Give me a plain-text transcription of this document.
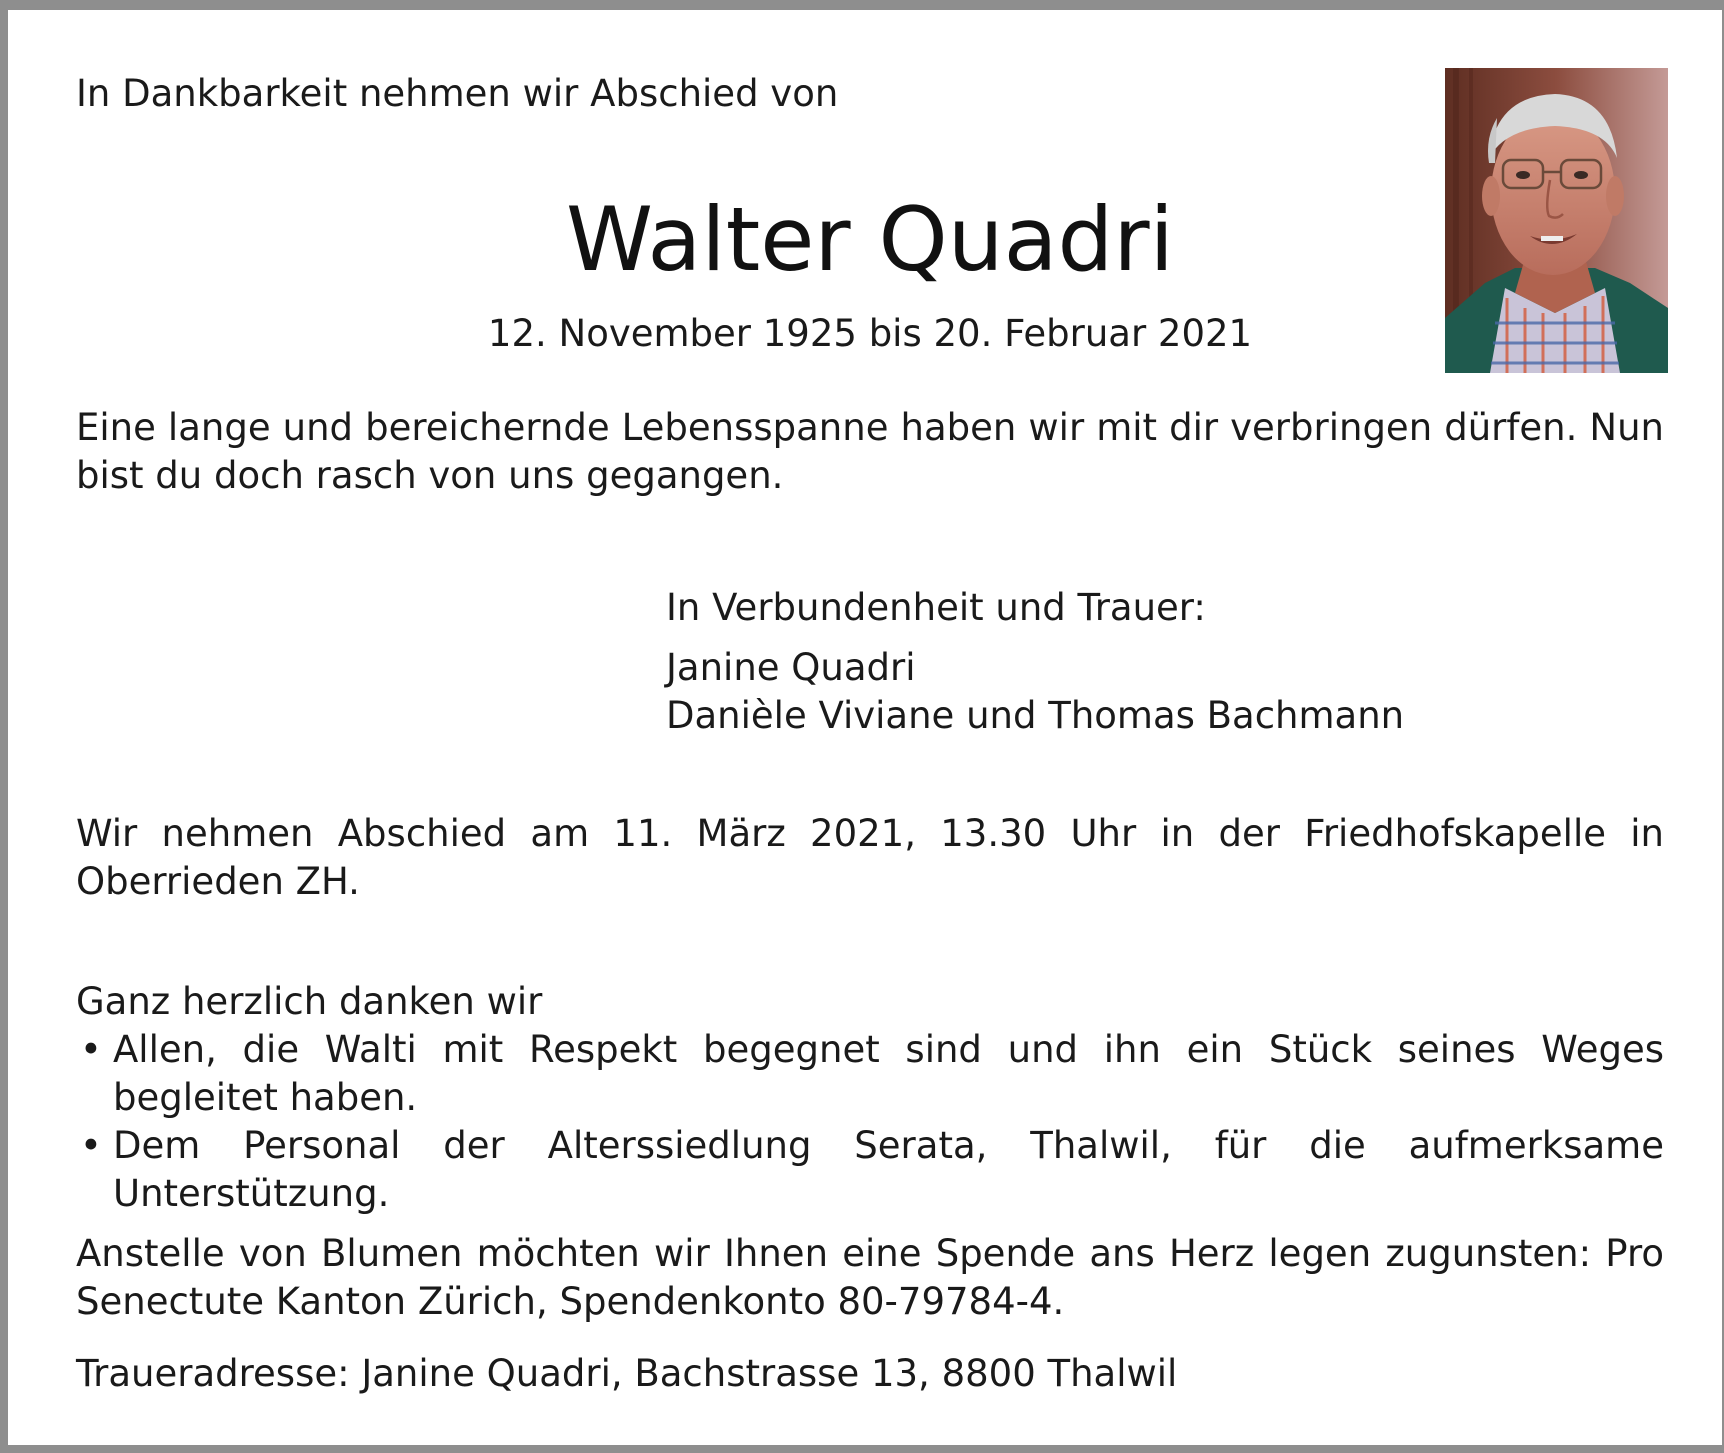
In Dankbarkeit nehmen wir Abschied von

Walter Quadri

12. November 1925 bis 20. Februar 2021

Eine lange und bereichernde Lebensspanne haben wir mit dir verbringen dürfen. Nun bist du doch rasch von uns gegangen.

In Verbundenheit und Trauer:

Janine Quadri
Danièle Viviane und Thomas Bachmann

Wir nehmen Abschied am 11. März 2021, 13.30 Uhr in der Friedhofskapelle in Oberrieden ZH.

Ganz herzlich danken wir

• Allen, die Walti mit Respekt begegnet sind und ihn ein Stück seines Weges begleitet haben.
• Dem Personal der Alterssiedlung Serata, Thalwil, für die aufmerksame Unterstützung.

Anstelle von Blumen möchten wir Ihnen eine Spende ans Herz legen zugunsten: Pro Senectute Kanton Zürich, Spendenkonto 80-79784-4.

Traueradresse: Janine Quadri, Bachstrasse 13, 8800 Thalwil
